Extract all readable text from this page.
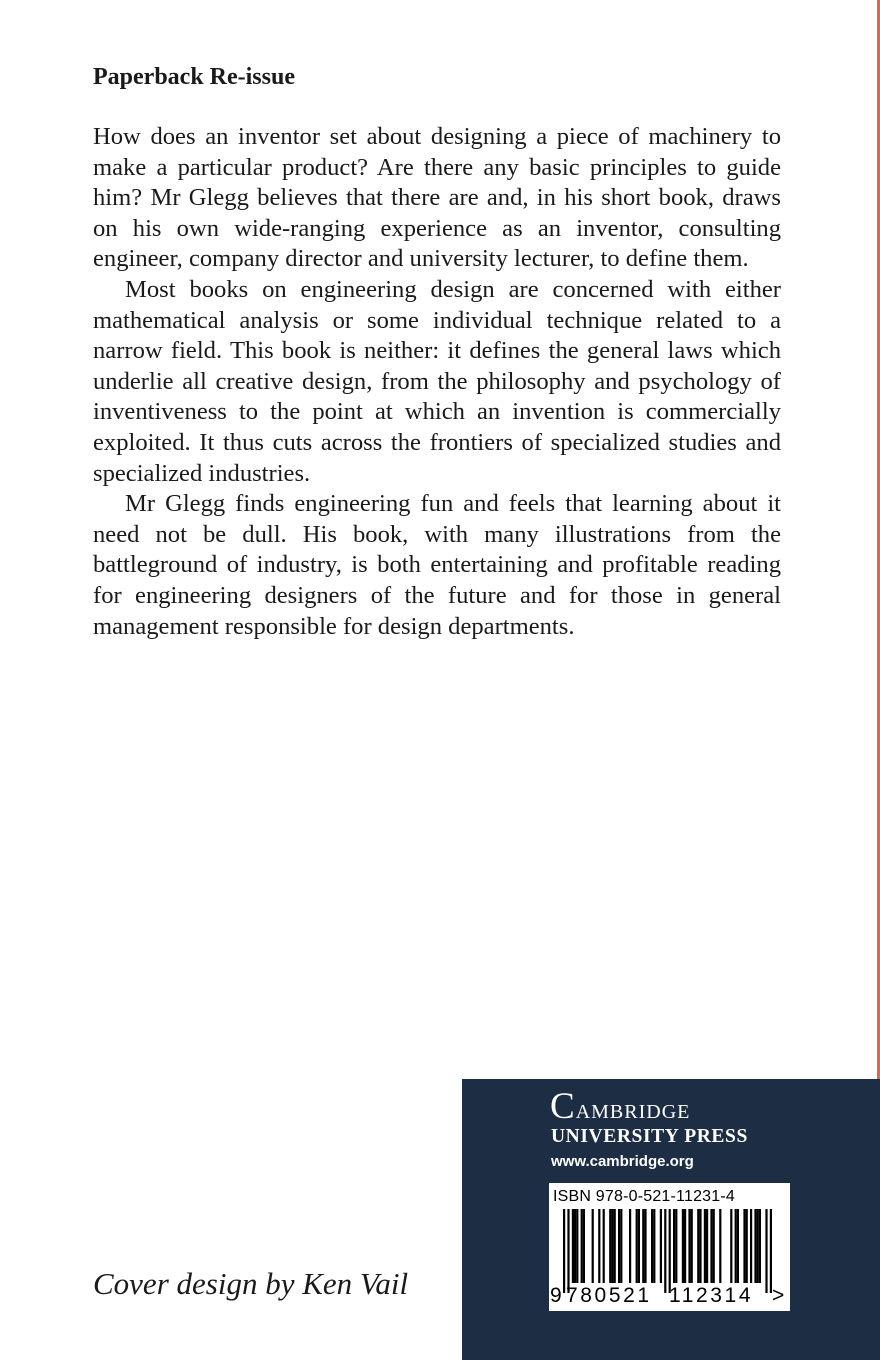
Paperback Re-issue

How does an inventor set about designing a piece of machinery to make a particular product? Are there any basic principles to guide him? Mr Glegg believes that there are and, in his short book, draws on his own wide-ranging experience as an inventor, consulting engineer, company director and university lecturer, to define them.

Most books on engineering design are concerned with either mathematical analysis or some individual technique related to a narrow field. This book is neither: it defines the general laws which underlie all creative design, from the philosophy and psychology of inventiveness to the point at which an invention is commercially exploited. It thus cuts across the frontiers of specialized studies and specialized industries.

Mr Glegg finds engineering fun and feels that learning about it need not be dull. His book, with many illustrations from the battleground of industry, is both entertaining and profitable reading for engineering designers of the future and for those in general management responsible for design departments.

Cover design by Ken Vail
Cambridge
UNIVERSITY PRESS
www.cambridge.org
ISBN 978-0-521-11231-4
9 780521 112314 >
